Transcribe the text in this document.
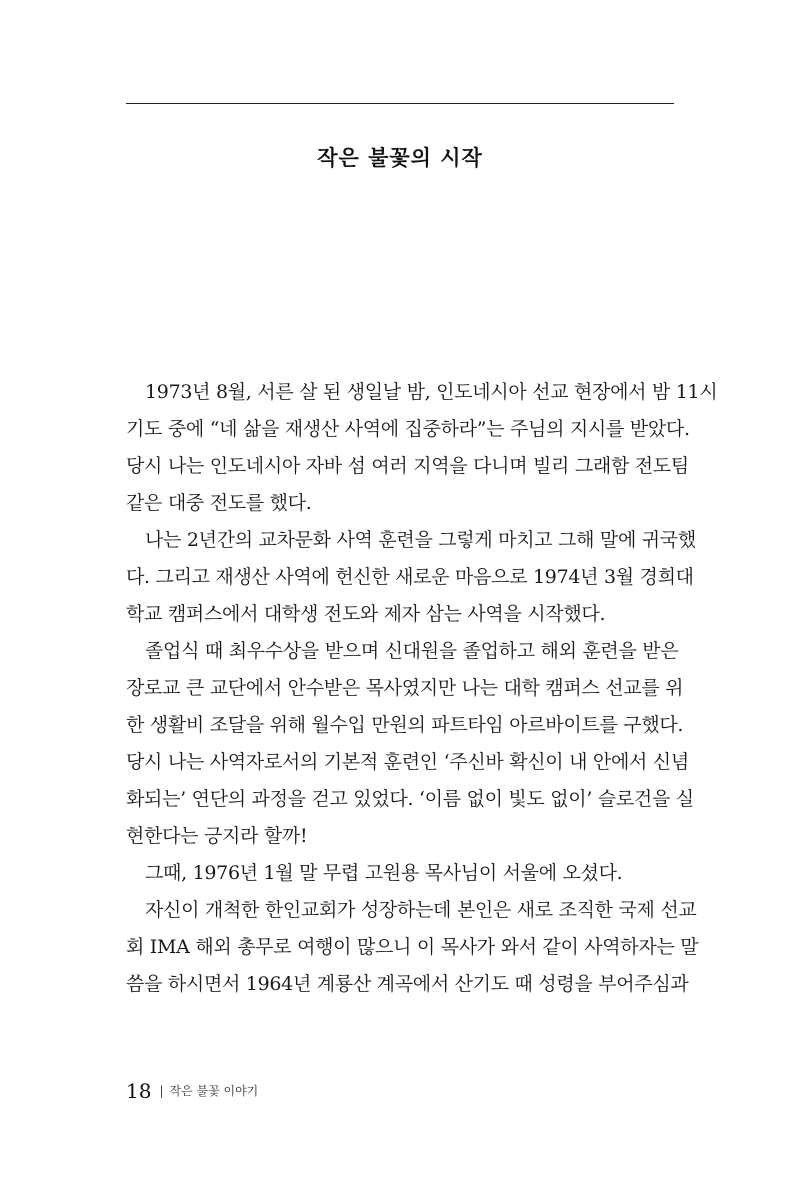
작은 불꽃의 시작
1973년 8월, 서른 살 된 생일날 밤, 인도네시아 선교 현장에서 밤 11시
기도 중에 “네 삶을 재생산 사역에 집중하라”는 주님의 지시를 받았다.
당시 나는 인도네시아 자바 섬 여러 지역을 다니며 빌리 그래함 전도팀
같은 대중 전도를 했다.
나는 2년간의 교차문화 사역 훈련을 그렇게 마치고 그해 말에 귀국했
다. 그리고 재생산 사역에 헌신한 새로운 마음으로 1974년 3월 경희대
학교 캠퍼스에서 대학생 전도와 제자 삼는 사역을 시작했다.
졸업식 때 최우수상을 받으며 신대원을 졸업하고 해외 훈련을 받은
장로교 큰 교단에서 안수받은 목사였지만 나는 대학 캠퍼스 선교를 위
한 생활비 조달을 위해 월수입 만원의 파트타임 아르바이트를 구했다.
당시 나는 사역자로서의 기본적 훈련인 ‘주신바 확신이 내 안에서 신념
화되는’ 연단의 과정을 걷고 있었다. ‘이름 없이 빛도 없이’ 슬로건을 실
현한다는 긍지라 할까!
그때, 1976년 1월 말 무렵 고원용 목사님이 서울에 오셨다.
자신이 개척한 한인교회가 성장하는데 본인은 새로 조직한 국제 선교
회 IMA 해외 총무로 여행이 많으니 이 목사가 와서 같이 사역하자는 말
씀을 하시면서 1964년 계룡산 계곡에서 산기도 때 성령을 부어주심과
18 | 작은 불꽃 이야기
